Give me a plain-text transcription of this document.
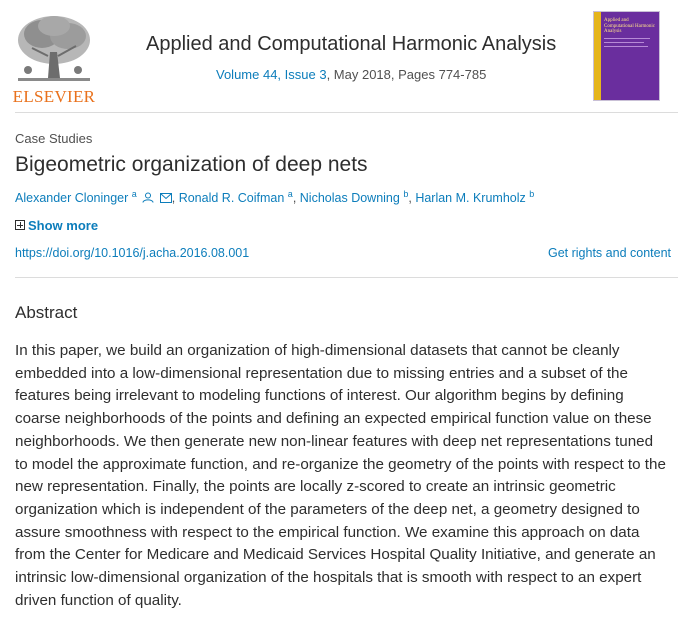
ELSEVIER
Applied and Computational Harmonic Analysis
Volume 44, Issue 3, May 2018, Pages 774-785
Applied and Computational Harmonic Analysis
Case Studies
Bigeometric organization of deep nets
Alexander Cloninger $^a$	, Ronald R. Coifman $^a$, Nicholas Downing $^b$, Harlan M. Krumholz $^b$
Show more
https://doi.org/10.1016/j.acha.2016.08.001	Get rights and content
Abstract

In this paper, we build an organization of high-dimensional datasets that cannot be cleanly embedded into a low-dimensional representation due to missing entries and a subset of the features being irrelevant to modeling functions of interest. Our algorithm begins by defining coarse neighborhoods of the points and defining an expected empirical function value on these neighborhoods. We then generate new non-linear features with deep net representations tuned to model the approximate function, and re-organize the geometry of the points with respect to the new representation. Finally, the points are locally z-scored to create an intrinsic geometric organization which is independent of the parameters of the deep net, a geometry designed to assure smoothness with respect to the empirical function. We examine this approach on data from the Center for Medicare and Medicaid Services Hospital Quality Initiative, and generate an intrinsic low-dimensional organization of the hospitals that is smooth with respect to an expert driven function of quality.
